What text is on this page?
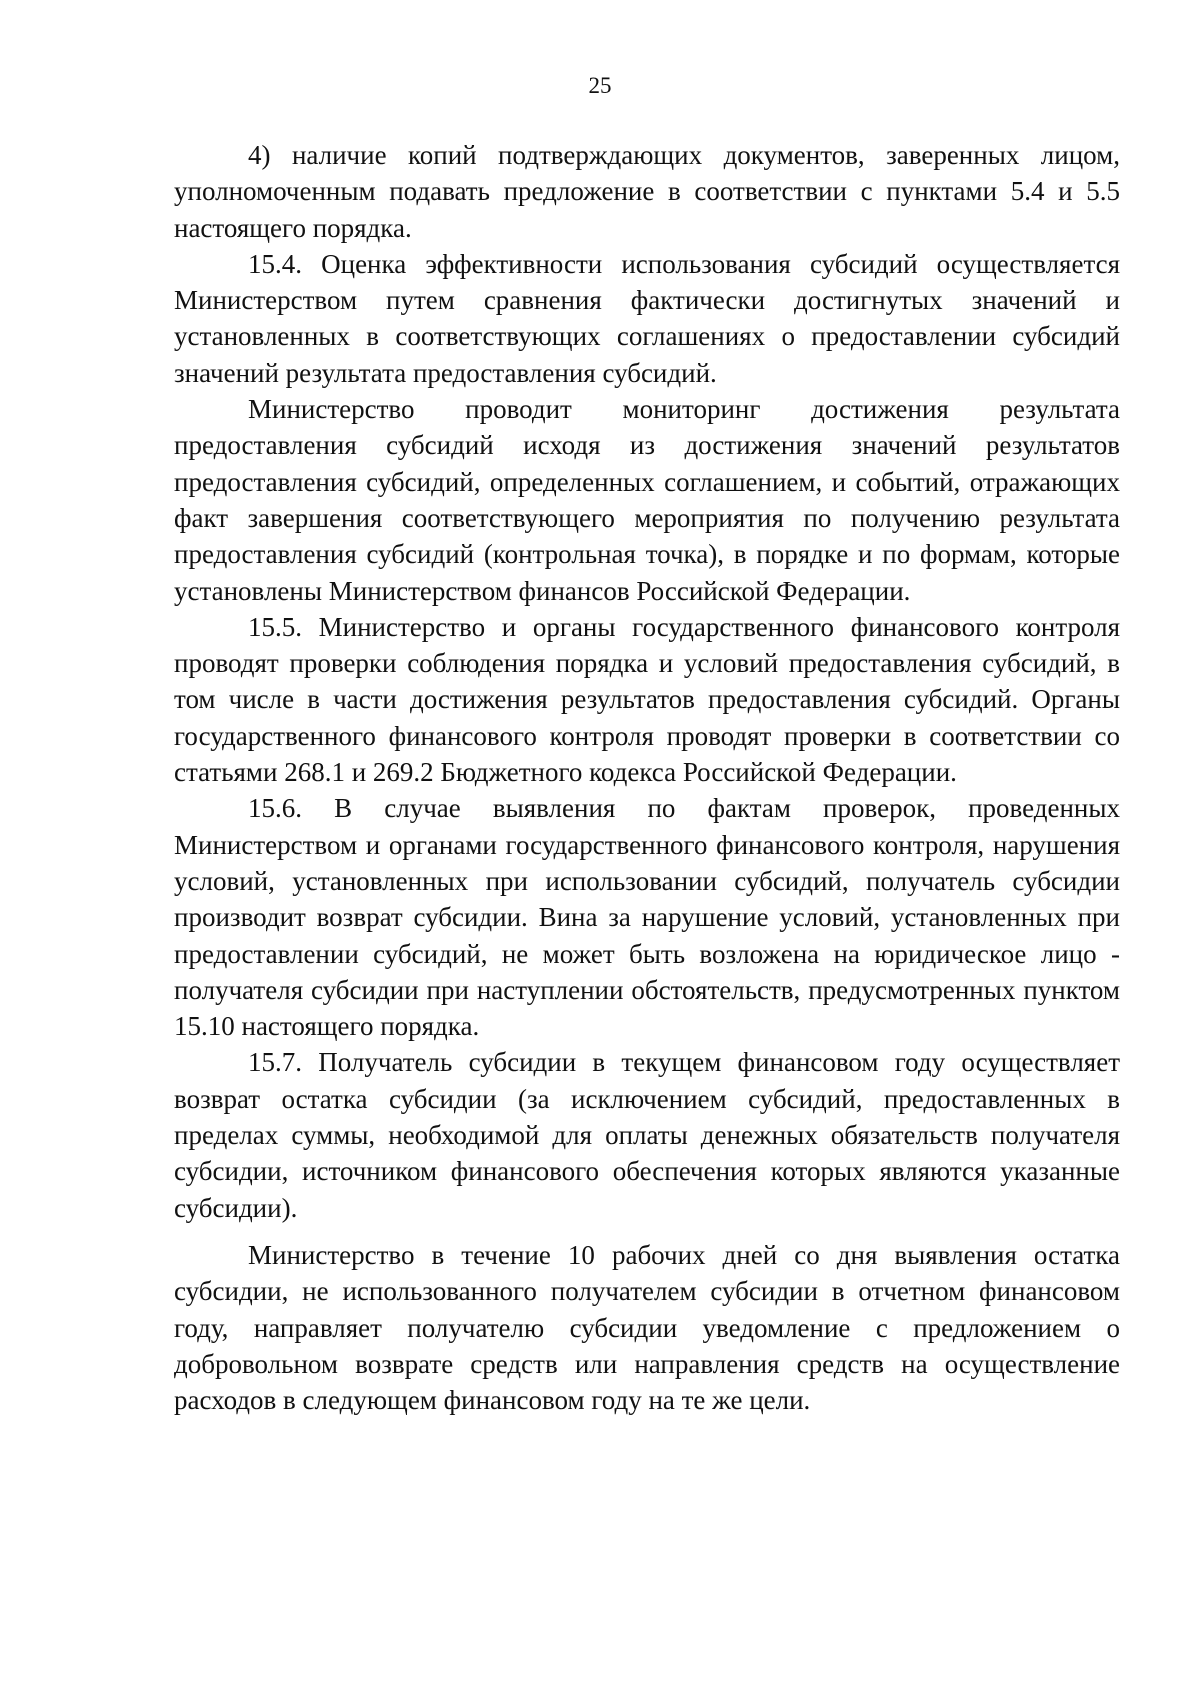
25

4) наличие копий подтверждающих документов, заверенных лицом, уполномоченным подавать предложение в соответствии с пунктами 5.4 и 5.5 настоящего порядка.

15.4. Оценка эффективности использования субсидий осуществляется Министерством путем сравнения фактически достигнутых значений и установленных в соответствующих соглашениях о предоставлении субсидий значений результата предоставления субсидий.

Министерство проводит мониторинг достижения результата предоставления субсидий исходя из достижения значений результатов предоставления субсидий, определенных соглашением, и событий, отражающих факт завершения соответствующего мероприятия по получению результата предоставления субсидий (контрольная точка), в порядке и по формам, которые установлены Министерством финансов Российской Федерации.

15.5. Министерство и органы государственного финансового контроля проводят проверки соблюдения порядка и условий предоставления субсидий, в том числе в части достижения результатов предоставления субсидий. Органы государственного финансового контроля проводят проверки в соответствии со статьями 268.1 и 269.2 Бюджетного кодекса Российской Федерации.

15.6. В случае выявления по фактам проверок, проведенных Министерством и органами государственного финансового контроля, нарушения условий, установленных при использовании субсидий, получатель субсидии производит возврат субсидии. Вина за нарушение условий, установленных при предоставлении субсидий, не может быть возложена на юридическое лицо - получателя субсидии при наступлении обстоятельств, предусмотренных пунктом 15.10 настоящего порядка.

15.7. Получатель субсидии в текущем финансовом году осуществляет возврат остатка субсидии (за исключением субсидий, предоставленных в пределах суммы, необходимой для оплаты денежных обязательств получателя субсидии, источником финансового обеспечения которых являются указанные субсидии).

Министерство в течение 10 рабочих дней со дня выявления остатка субсидии, не использованного получателем субсидии в отчетном финансовом году, направляет получателю субсидии уведомление с предложением о добровольном возврате средств или направления средств на осуществление расходов в следующем финансовом году на те же цели.
